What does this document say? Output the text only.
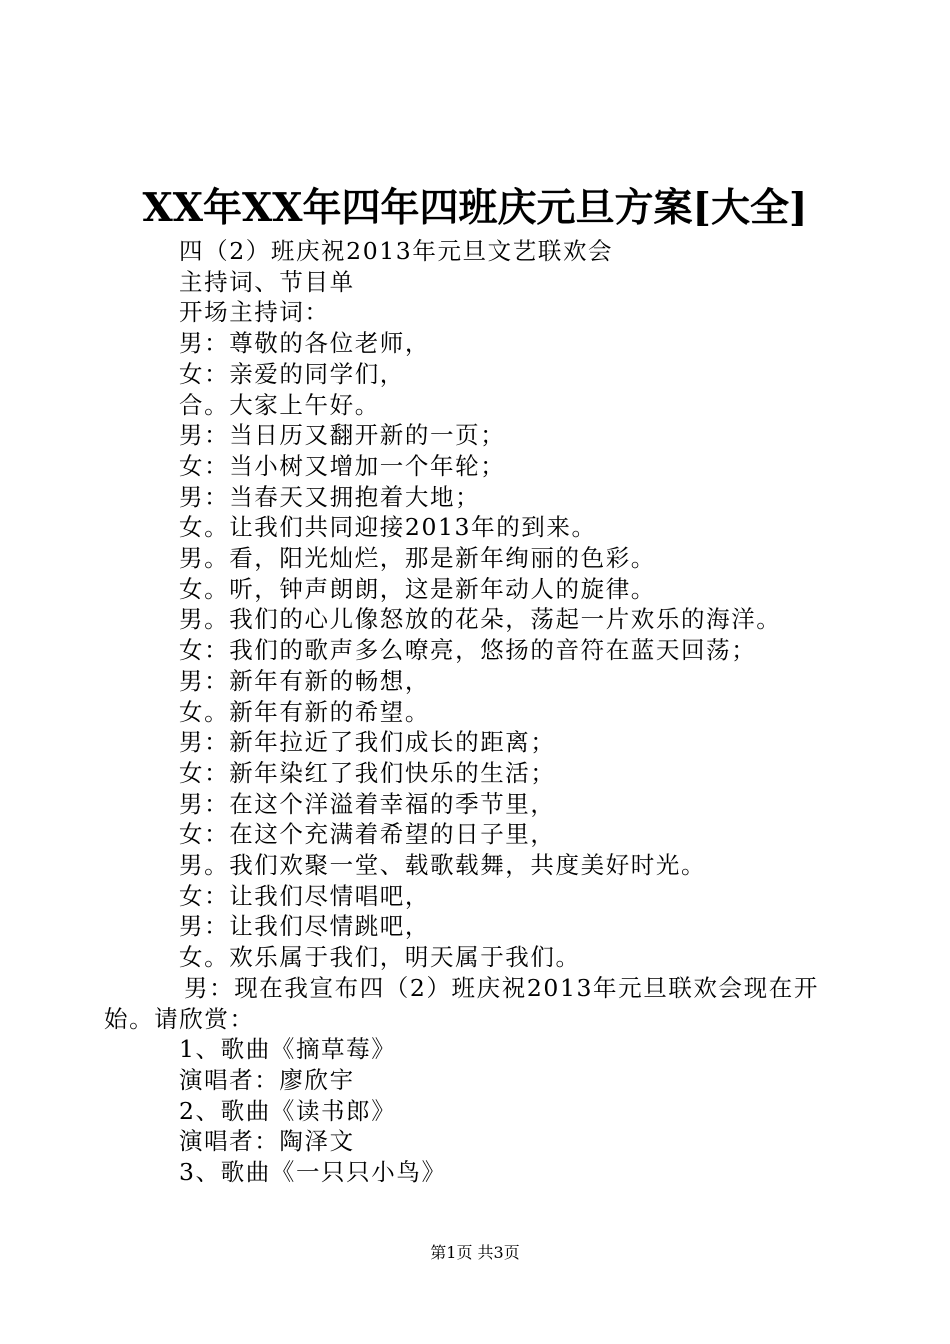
XX年XX年四年四班庆元旦方案[大全]
四（2）班庆祝2013年元旦文艺联欢会
主持词、节目单
开场主持词：
男：尊敬的各位老师，
女：亲爱的同学们，
合。大家上午好。
男：当日历又翻开新的一页；
女：当小树又增加一个年轮；
男：当春天又拥抱着大地；
女。让我们共同迎接2013年的到来。
男。看，阳光灿烂，那是新年绚丽的色彩。
女。听，钟声朗朗，这是新年动人的旋律。
男。我们的心儿像怒放的花朵，荡起一片欢乐的海洋。
女：我们的歌声多么嘹亮，悠扬的音符在蓝天回荡；
男：新年有新的畅想，
女。新年有新的希望。
男：新年拉近了我们成长的距离；
女：新年染红了我们快乐的生活；
男：在这个洋溢着幸福的季节里，
女：在这个充满着希望的日子里，
男。我们欢聚一堂、载歌载舞，共度美好时光。
女：让我们尽情唱吧，
男：让我们尽情跳吧，
女。欢乐属于我们，明天属于我们。
男：现在我宣布四（2）班庆祝2013年元旦联欢会现在开始。请欣赏：
1、歌曲《摘草莓》
演唱者：廖欣宇
2、歌曲《读书郎》
演唱者：陶泽文
3、歌曲《一只只小鸟》
第1页 共3页
